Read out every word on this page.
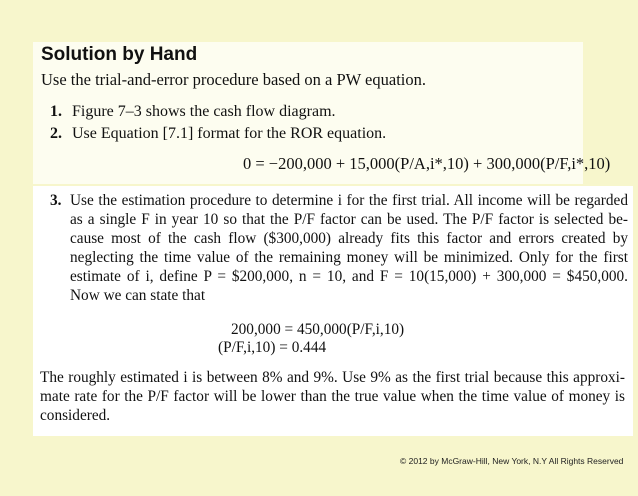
Solution by Hand
Use the trial-and-error procedure based on a PW equation.
1. Figure 7–3 shows the cash flow diagram.
2. Use Equation [7.1] format for the ROR equation.
0 = −200,000 + 15,000(P/A,i*,10) + 300,000(P/F,i*,10)
3. Use the estimation procedure to determine i for the first trial. All income will be regarded
as a single F in year 10 so that the P/F factor can be used. The P/F factor is selected be-
cause most of the cash flow ($300,000) already fits this factor and errors created by
neglecting the time value of the remaining money will be minimized. Only for the first
estimate of i, define P = $200,000, n = 10, and F = 10(15,000) + 300,000 = $450,000.
Now we can state that
200,000 = 450,000(P/F,i,10)
(P/F,i,10) = 0.444
The roughly estimated i is between 8% and 9%. Use 9% as the first trial because this approxi-
mate rate for the P/F factor will be lower than the true value when the time value of money is
considered.
© 2012 by McGraw-Hill, New York, N.Y All Rights Reserved
